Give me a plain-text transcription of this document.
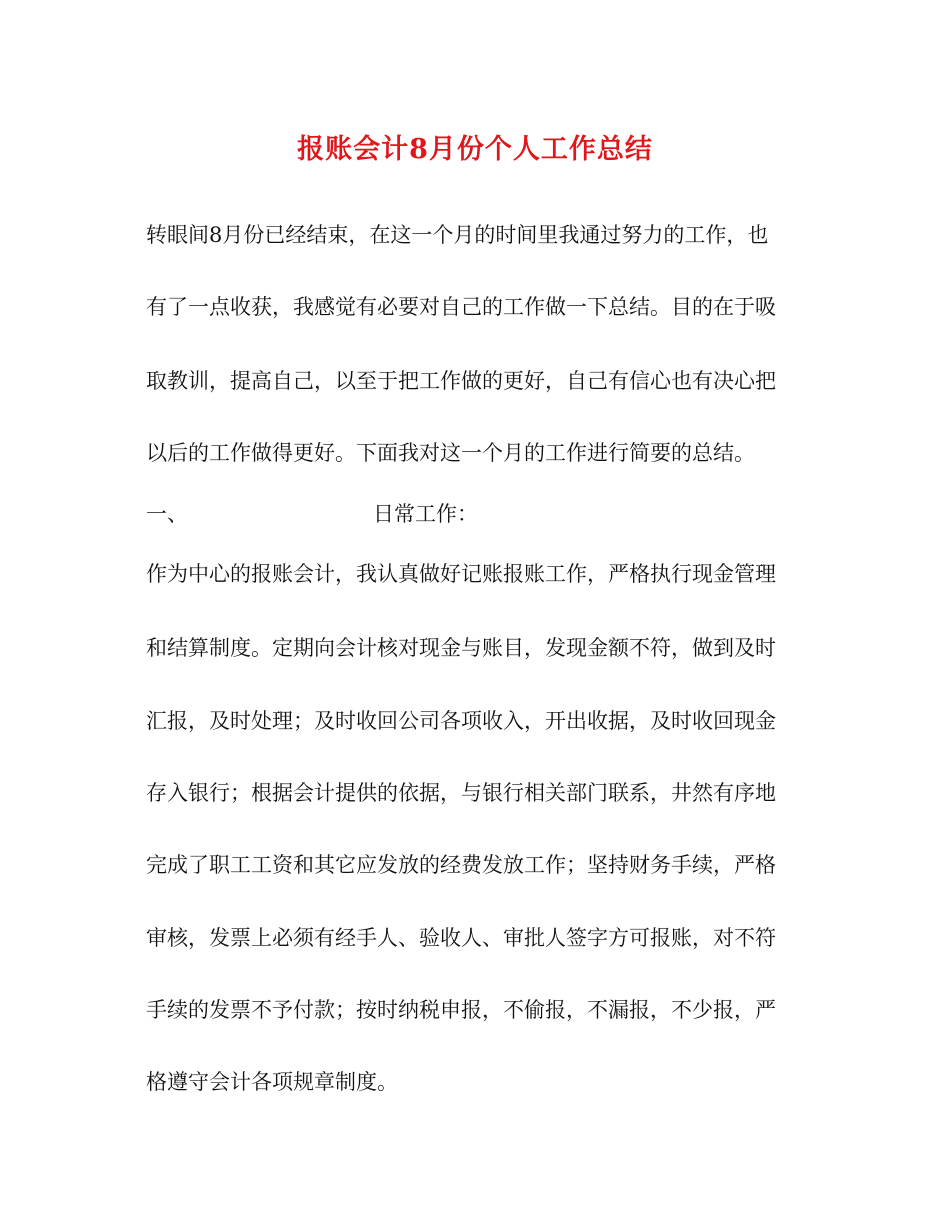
报账会计8月份个人工作总结
转眼间8月份已经结束，在这一个月的时间里我通过努力的工作，也
有了一点收获，我感觉有必要对自己的工作做一下总结。目的在于吸
取教训，提高自己，以至于把工作做的更好，自己有信心也有决心把
以后的工作做得更好。下面我对这一个月的工作进行简要的总结。
一、	日常工作：
作为中心的报账会计，我认真做好记账报账工作，严格执行现金管理
和结算制度。定期向会计核对现金与账目，发现金额不符，做到及时
汇报，及时处理；及时收回公司各项收入，开出收据，及时收回现金
存入银行；根据会计提供的依据，与银行相关部门联系，井然有序地
完成了职工工资和其它应发放的经费发放工作；坚持财务手续，严格
审核，发票上必须有经手人、验收人、审批人签字方可报账，对不符
手续的发票不予付款；按时纳税申报，不偷报，不漏报，不少报，严
格遵守会计各项规章制度。
